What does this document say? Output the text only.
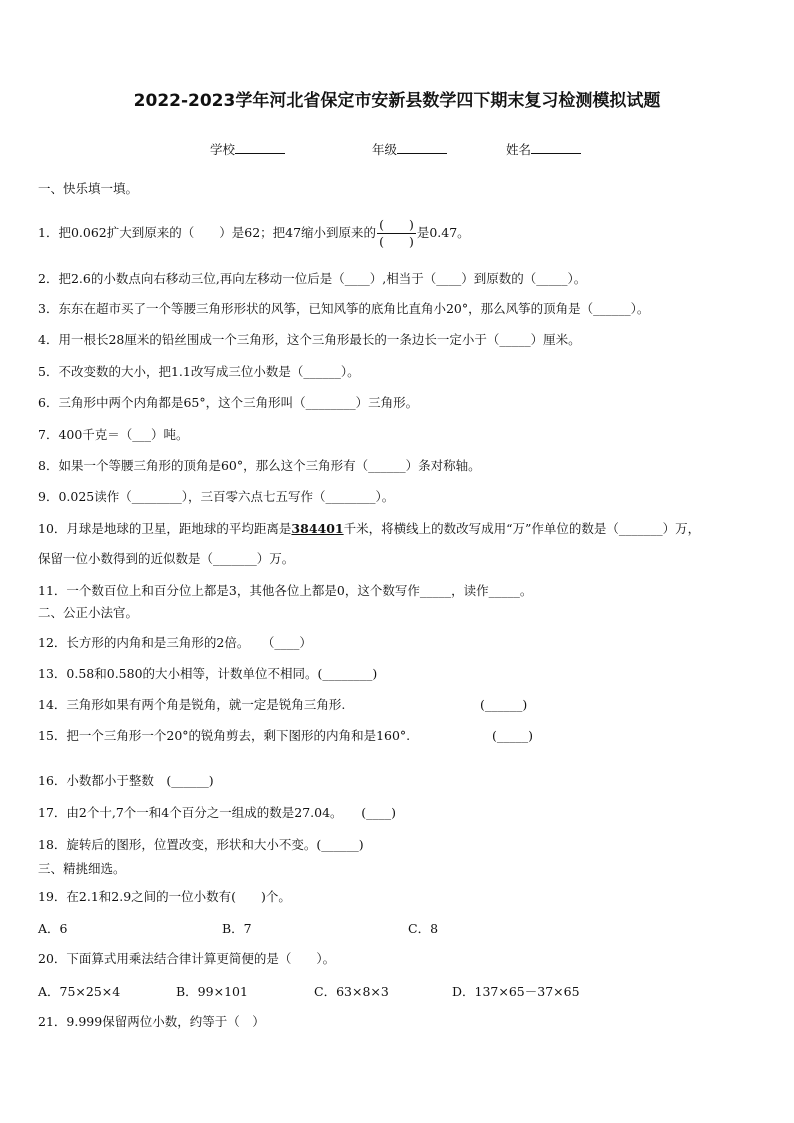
2022-2023学年河北省保定市安新县数学四下期末复习检测模拟试题
学校	年级	姓名
一、快乐填一填。
1．把0.062扩大到原来的（　　）是62；把47缩小到原来的 $\frac{( )}{( )}$ 是0.47。
2．把2.6的小数点向右移动三位,再向左移动一位后是（____）,相当于（____）到原数的（_____）。
3．东东在超市买了一个等腰三角形形状的风筝，已知风筝的底角比直角小20°，那么风筝的顶角是（______）。
4．用一根长28厘米的铅丝围成一个三角形，这个三角形最长的一条边长一定小于（_____）厘米。
5．不改变数的大小，把1.1改写成三位小数是（______）。
6．三角形中两个内角都是65°，这个三角形叫（________）三角形。
7．400千克＝（___）吨。
8．如果一个等腰三角形的顶角是60°，那么这个三角形有（______）条对称轴。
9．0.025读作（________），三百零六点七五写作（________）。
10．月球是地球的卫星，距地球的平均距离是384401千米，将横线上的数改写成用“万”作单位的数是（_______）万，
保留一位小数得到的近似数是（_______）万。
11．一个数百位上和百分位上都是3，其他各位上都是0，这个数写作_____，读作_____。
二、公正小法官。
12．长方形的内角和是三角形的2倍。　　（____）
13．0.58和0.580的大小相等，计数单位不相同。(________)
14．三角形如果有两个角是锐角，就一定是锐角三角形.	(______)
15．把一个三角形一个20°的锐角剪去，剩下图形的内角和是160°.	(_____)
16．小数都小于整数　(______)
17．由2个十,7个一和4个百分之一组成的数是27.04。　　(____)
18．旋转后的图形，位置改变，形状和大小不变。(______)
三、精挑细选。
19．在2.1和2.9之间的一位小数有(　　)个。
A．6	B．7	C．8
20．下面算式用乘法结合律计算更简便的是（　　）。
A．75×25×4	B．99×101	C．63×8×3	D．137×65－37×65
21．9.999保留两位小数，约等于（　）
